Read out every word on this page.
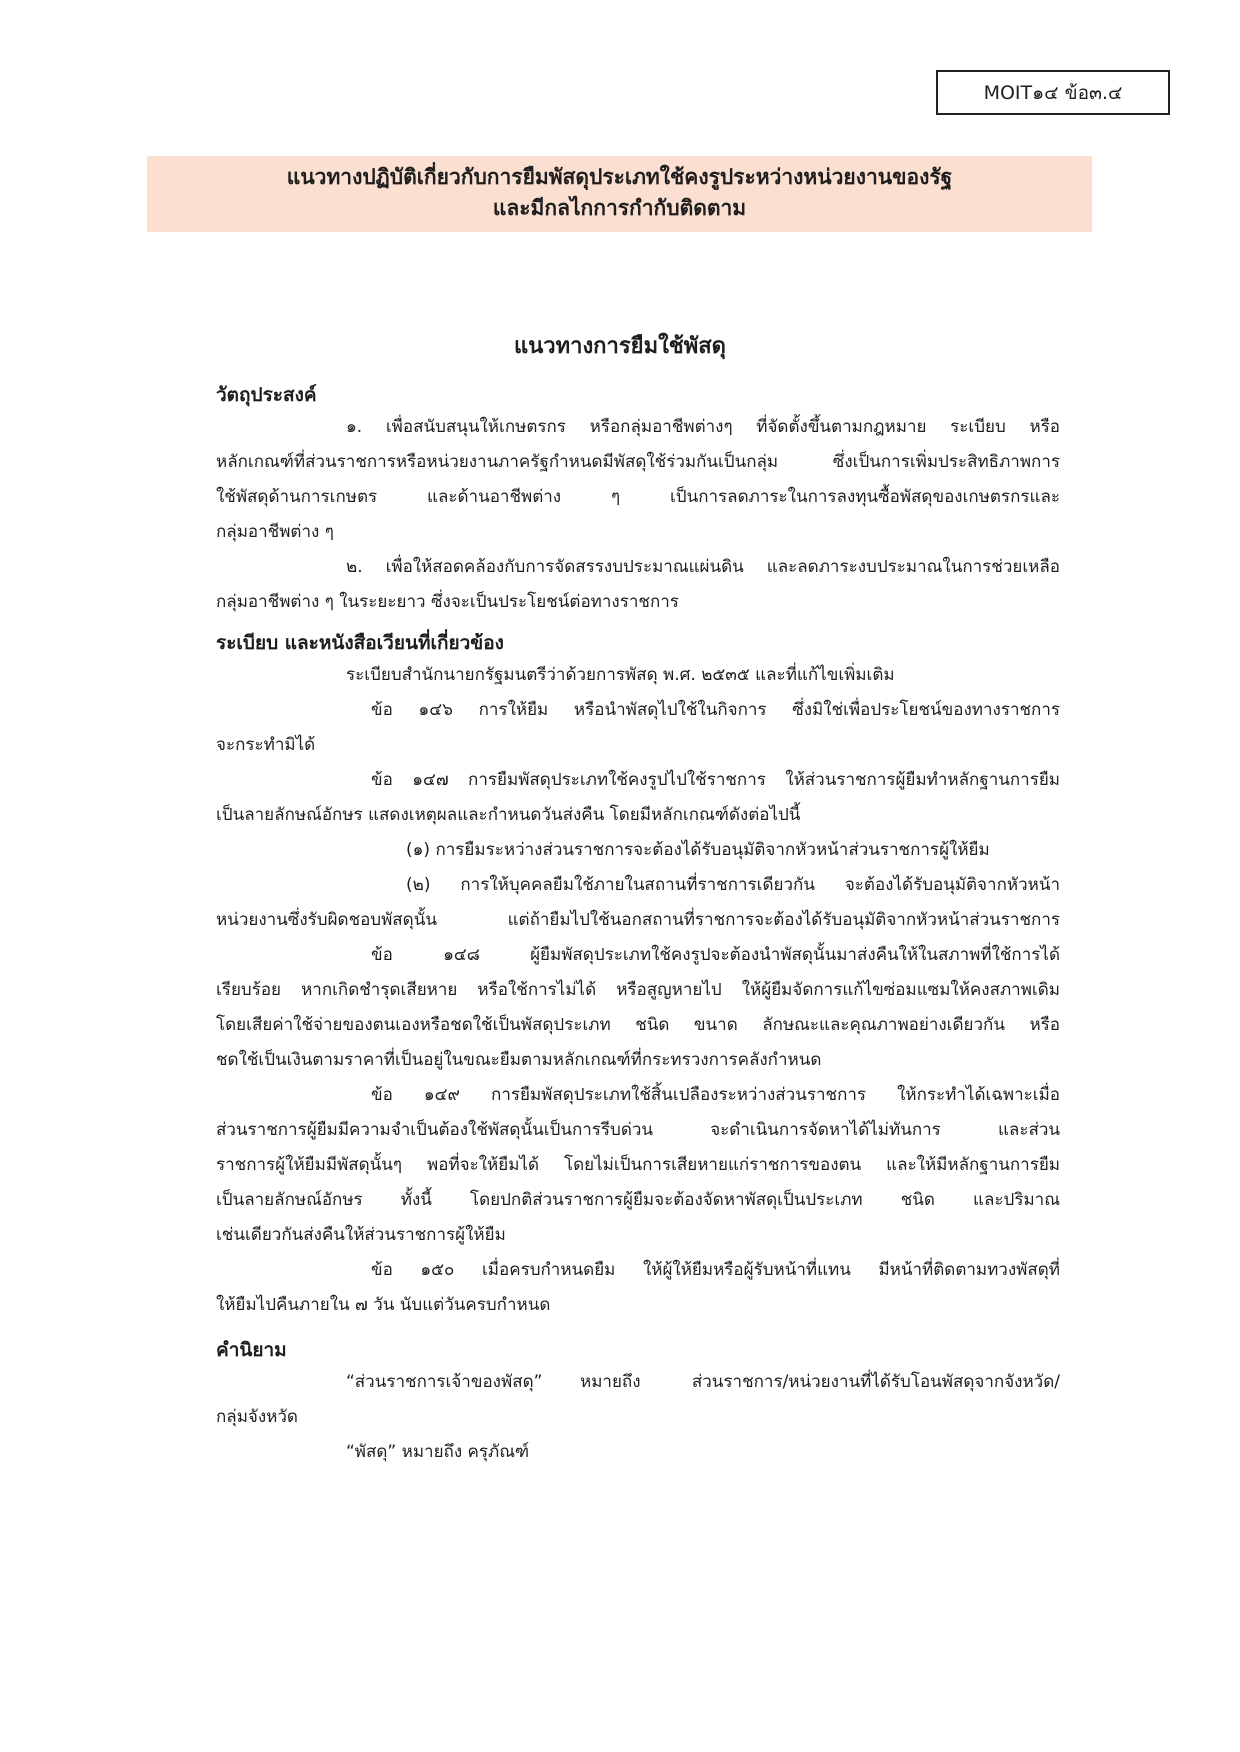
MOIT๑๔ ข้อ๓.๔
แนวทางปฏิบัติเกี่ยวกับการยืมพัสดุประเภทใช้คงรูประหว่างหน่วยงานของรัฐ
และมีกลไกการกำกับติดตาม
แนวทางการยืมใช้พัสดุ
วัตถุประสงค์
๑. เพื่อสนับสนุนให้เกษตรกร หรือกลุ่มอาชีพต่างๆ ที่จัดตั้งขึ้นตามกฎหมาย ระเบียบ หรือ
หลักเกณฑ์ที่ส่วนราชการหรือหน่วยงานภาครัฐกำหนดมีพัสดุใช้ร่วมกันเป็นกลุ่ม ซึ่งเป็นการเพิ่มประสิทธิภาพการ
ใช้พัสดุด้านการเกษตร และด้านอาชีพต่าง ๆ เป็นการลดภาระในการลงทุนซื้อพัสดุของเกษตรกรและ
กลุ่มอาชีพต่าง ๆ
๒. เพื่อให้สอดคล้องกับการจัดสรรงบประมาณแผ่นดิน และลดภาระงบประมาณในการช่วยเหลือ
กลุ่มอาชีพต่าง ๆ ในระยะยาว ซึ่งจะเป็นประโยชน์ต่อทางราชการ
ระเบียบ และหนังสือเวียนที่เกี่ยวข้อง
ระเบียบสำนักนายกรัฐมนตรีว่าด้วยการพัสดุ พ.ศ. ๒๕๓๕ และที่แก้ไขเพิ่มเติม
ข้อ ๑๔๖ การให้ยืม หรือนำพัสดุไปใช้ในกิจการ ซึ่งมิใช่เพื่อประโยชน์ของทางราชการ
จะกระทำมิได้
ข้อ ๑๔๗ การยืมพัสดุประเภทใช้คงรูปไปใช้ราชการ ให้ส่วนราชการผู้ยืมทำหลักฐานการยืม
เป็นลายลักษณ์อักษร แสดงเหตุผลและกำหนดวันส่งคืน โดยมีหลักเกณฑ์ดังต่อไปนี้
(๑) การยืมระหว่างส่วนราชการจะต้องได้รับอนุมัติจากหัวหน้าส่วนราชการผู้ให้ยืม
(๒) การให้บุคคลยืมใช้ภายในสถานที่ราชการเดียวกัน จะต้องได้รับอนุมัติจากหัวหน้า
หน่วยงานซึ่งรับผิดชอบพัสดุนั้น แต่ถ้ายืมไปใช้นอกสถานที่ราชการจะต้องได้รับอนุมัติจากหัวหน้าส่วนราชการ
ข้อ ๑๔๘ ผู้ยืมพัสดุประเภทใช้คงรูปจะต้องนำพัสดุนั้นมาส่งคืนให้ในสภาพที่ใช้การได้
เรียบร้อย หากเกิดชำรุดเสียหาย หรือใช้การไม่ได้ หรือสูญหายไป ให้ผู้ยืมจัดการแก้ไขซ่อมแซมให้คงสภาพเดิม
โดยเสียค่าใช้จ่ายของตนเองหรือชดใช้เป็นพัสดุประเภท ชนิด ขนาด ลักษณะและคุณภาพอย่างเดียวกัน หรือ
ชดใช้เป็นเงินตามราคาที่เป็นอยู่ในขณะยืมตามหลักเกณฑ์ที่กระทรวงการคลังกำหนด
ข้อ ๑๔๙ การยืมพัสดุประเภทใช้สิ้นเปลืองระหว่างส่วนราชการ ให้กระทำได้เฉพาะเมื่อ
ส่วนราชการผู้ยืมมีความจำเป็นต้องใช้พัสดุนั้นเป็นการรีบด่วน จะดำเนินการจัดหาได้ไม่ทันการ และส่วน
ราชการผู้ให้ยืมมีพัสดุนั้นๆ พอที่จะให้ยืมได้ โดยไม่เป็นการเสียหายแก่ราชการของตน และให้มีหลักฐานการยืม
เป็นลายลักษณ์อักษร ทั้งนี้ โดยปกติส่วนราชการผู้ยืมจะต้องจัดหาพัสดุเป็นประเภท ชนิด และปริมาณ
เช่นเดียวกันส่งคืนให้ส่วนราชการผู้ให้ยืม
ข้อ ๑๕๐ เมื่อครบกำหนดยืม ให้ผู้ให้ยืมหรือผู้รับหน้าที่แทน มีหน้าที่ติดตามทวงพัสดุที่
ให้ยืมไปคืนภายใน ๗ วัน นับแต่วันครบกำหนด
คำนิยาม
“ส่วนราชการเจ้าของพัสดุ” หมายถึง ส่วนราชการ/หน่วยงานที่ได้รับโอนพัสดุจากจังหวัด/
กลุ่มจังหวัด
“พัสดุ” หมายถึง ครุภัณฑ์
